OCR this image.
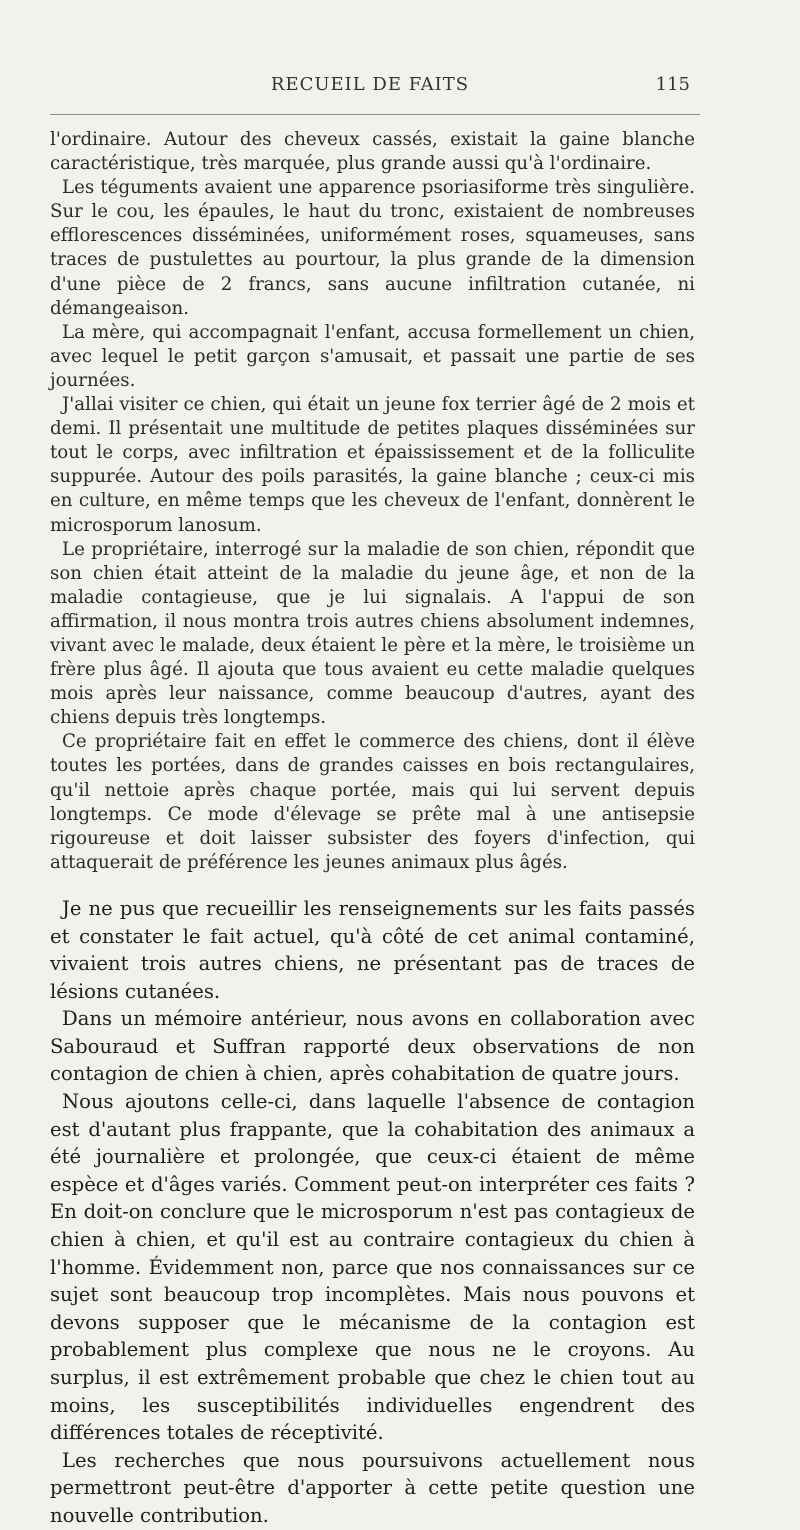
RECUEIL DE FAITS	115

l'ordinaire. Autour des cheveux cassés, existait la gaine blanche caractéristique, très marquée, plus grande aussi qu'à l'ordinaire.

Les téguments avaient une apparence psoriasiforme très singulière. Sur le cou, les épaules, le haut du tronc, existaient de nombreuses efflorescences disséminées, uniformément roses, squameuses, sans traces de pustulettes au pourtour, la plus grande de la dimension d'une pièce de 2 francs, sans aucune infiltration cutanée, ni démangeaison.

La mère, qui accompagnait l'enfant, accusa formellement un chien, avec lequel le petit garçon s'amusait, et passait une partie de ses journées.

J'allai visiter ce chien, qui était un jeune fox terrier âgé de 2 mois et demi. Il présentait une multitude de petites plaques disséminées sur tout le corps, avec infiltration et épaississement et de la folliculite suppurée. Autour des poils parasités, la gaine blanche ; ceux-ci mis en culture, en même temps que les cheveux de l'enfant, donnèrent le microsporum lanosum.

Le propriétaire, interrogé sur la maladie de son chien, répondit que son chien était atteint de la maladie du jeune âge, et non de la maladie contagieuse, que je lui signalais. A l'appui de son affirmation, il nous montra trois autres chiens absolument indemnes, vivant avec le malade, deux étaient le père et la mère, le troisième un frère plus âgé. Il ajouta que tous avaient eu cette maladie quelques mois après leur naissance, comme beaucoup d'autres, ayant des chiens depuis très longtemps.

Ce propriétaire fait en effet le commerce des chiens, dont il élève toutes les portées, dans de grandes caisses en bois rectangulaires, qu'il nettoie après chaque portée, mais qui lui servent depuis longtemps. Ce mode d'élevage se prête mal à une antisepsie rigoureuse et doit laisser subsister des foyers d'infection, qui attaquerait de préférence les jeunes animaux plus âgés.

Je ne pus que recueillir les renseignements sur les faits passés et constater le fait actuel, qu'à côté de cet animal contaminé, vivaient trois autres chiens, ne présentant pas de traces de lésions cutanées.

Dans un mémoire antérieur, nous avons en collaboration avec Sabouraud et Suffran rapporté deux observations de non contagion de chien à chien, après cohabitation de quatre jours.

Nous ajoutons celle-ci, dans laquelle l'absence de contagion est d'autant plus frappante, que la cohabitation des animaux a été journalière et prolongée, que ceux-ci étaient de même espèce et d'âges variés. Comment peut-on interpréter ces faits ? En doit-on conclure que le microsporum n'est pas contagieux de chien à chien, et qu'il est au contraire contagieux du chien à l'homme. Évidemment non, parce que nos connaissances sur ce sujet sont beaucoup trop incomplètes. Mais nous pouvons et devons supposer que le mécanisme de la contagion est probablement plus complexe que nous ne le croyons. Au surplus, il est extrêmement probable que chez le chien tout au moins, les susceptibilités individuelles engendrent des différences totales de réceptivité.

Les recherches que nous poursuivons actuellement nous permettront peut-être d'apporter à cette petite question une nouvelle contribution.
